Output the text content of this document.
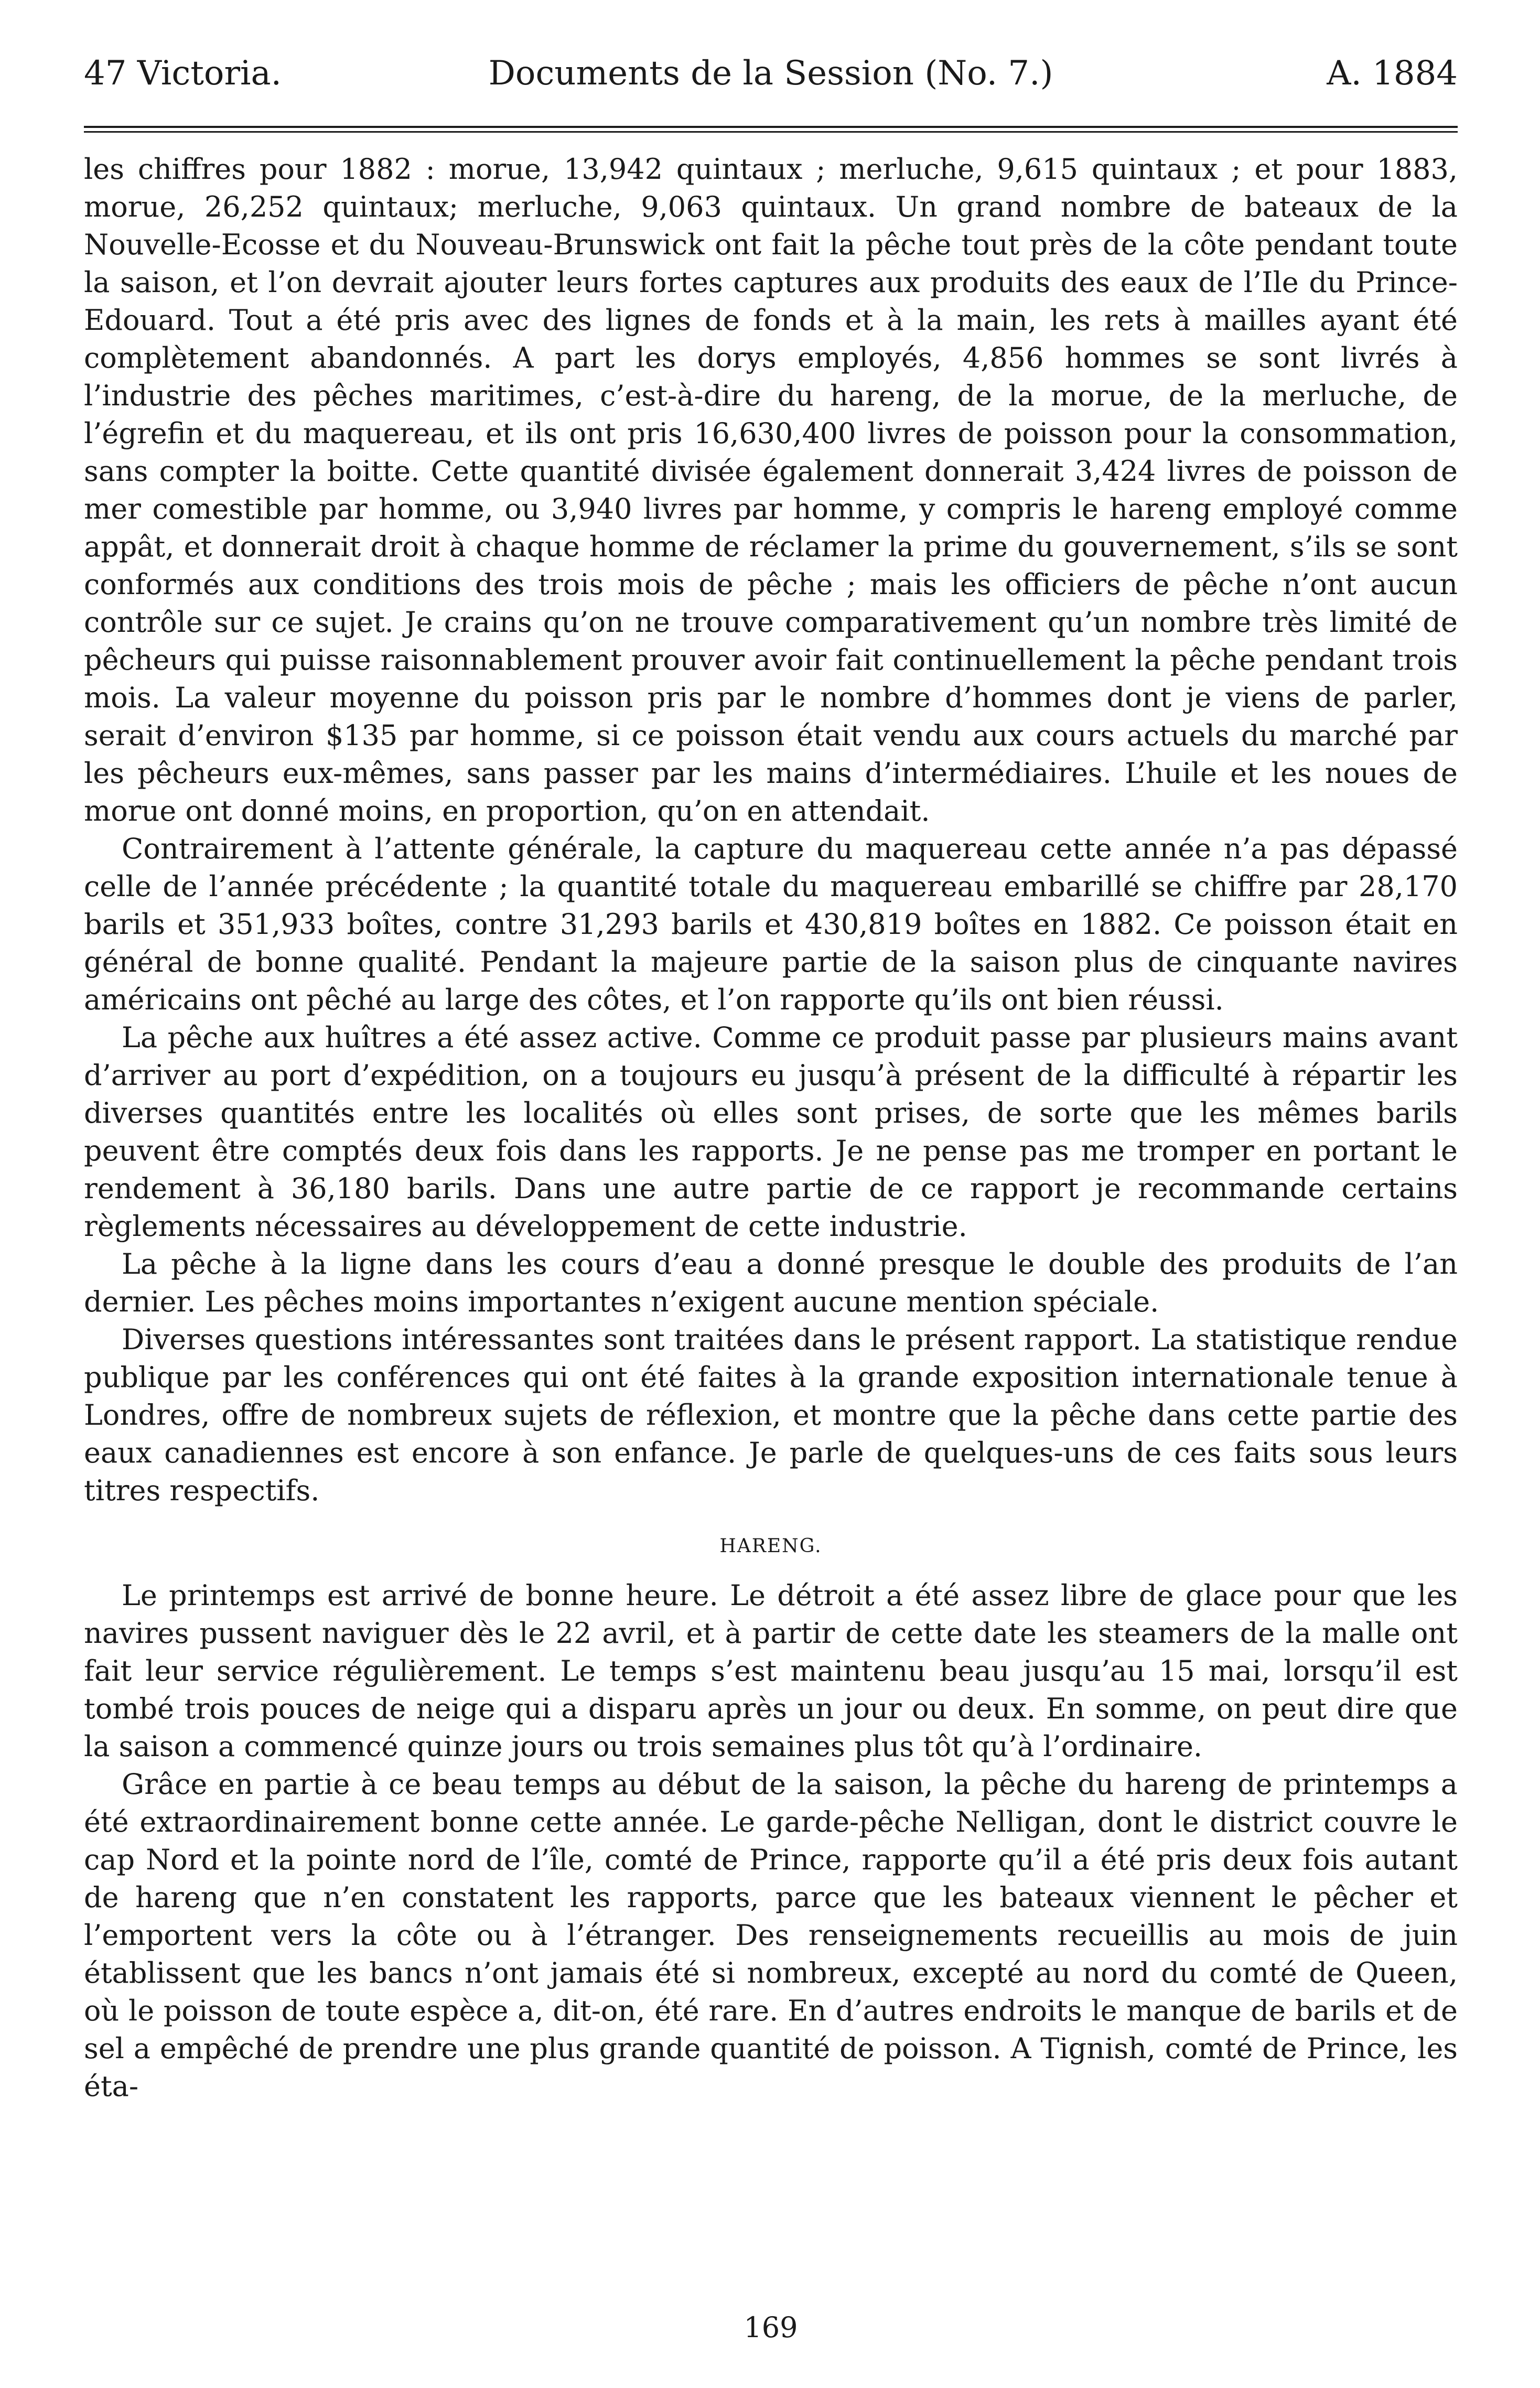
47 Victoria.	Documents de la Session (No. 7.)	A. 1884

les chiffres pour 1882 : morue, 13,942 quintaux ; merluche, 9,615 quintaux ; et pour 1883, morue, 26,252 quintaux; merluche, 9,063 quintaux. Un grand nombre de bateaux de la Nouvelle-Ecosse et du Nouveau-Brunswick ont fait la pêche tout près de la côte pendant toute la saison, et l’on devrait ajouter leurs fortes captures aux produits des eaux de l’Ile du Prince-Edouard. Tout a été pris avec des lignes de fonds et à la main, les rets à mailles ayant été complètement abandonnés. A part les dorys employés, 4,856 hommes se sont livrés à l’industrie des pêches maritimes, c’est-à-dire du hareng, de la morue, de la merluche, de l’égrefin et du maquereau, et ils ont pris 16,630,400 livres de poisson pour la consommation, sans compter la boitte. Cette quantité divisée également donnerait 3,424 livres de poisson de mer comestible par homme, ou 3,940 livres par homme, y compris le hareng employé comme appât, et donnerait droit à chaque homme de réclamer la prime du gouvernement, s’ils se sont conformés aux conditions des trois mois de pêche ; mais les officiers de pêche n’ont aucun contrôle sur ce sujet. Je crains qu’on ne trouve comparativement qu’un nombre très limité de pêcheurs qui puisse raisonnablement prouver avoir fait continuellement la pêche pendant trois mois. La valeur moyenne du poisson pris par le nombre d’hommes dont je viens de parler, serait d’environ $135 par homme, si ce poisson était vendu aux cours actuels du marché par les pêcheurs eux-mêmes, sans passer par les mains d’intermédiaires. L’huile et les noues de morue ont donné moins, en proportion, qu’on en attendait.

Contrairement à l’attente générale, la capture du maquereau cette année n’a pas dépassé celle de l’année précédente ; la quantité totale du maquereau embarillé se chiffre par 28,170 barils et 351,933 boîtes, contre 31,293 barils et 430,819 boîtes en 1882. Ce poisson était en général de bonne qualité. Pendant la majeure partie de la saison plus de cinquante navires américains ont pêché au large des côtes, et l’on rapporte qu’ils ont bien réussi.

La pêche aux huîtres a été assez active. Comme ce produit passe par plusieurs mains avant d’arriver au port d’expédition, on a toujours eu jusqu’à présent de la difficulté à répartir les diverses quantités entre les localités où elles sont prises, de sorte que les mêmes barils peuvent être comptés deux fois dans les rapports. Je ne pense pas me tromper en portant le rendement à 36,180 barils. Dans une autre partie de ce rapport je recommande certains règlements nécessaires au développement de cette industrie.

La pêche à la ligne dans les cours d’eau a donné presque le double des produits de l’an dernier. Les pêches moins importantes n’exigent aucune mention spéciale.

Diverses questions intéressantes sont traitées dans le présent rapport. La statistique rendue publique par les conférences qui ont été faites à la grande exposition internationale tenue à Londres, offre de nombreux sujets de réflexion, et montre que la pêche dans cette partie des eaux canadiennes est encore à son enfance. Je parle de quelques-uns de ces faits sous leurs titres respectifs.

HARENG.

Le printemps est arrivé de bonne heure. Le détroit a été assez libre de glace pour que les navires pussent naviguer dès le 22 avril, et à partir de cette date les steamers de la malle ont fait leur service régulièrement. Le temps s’est maintenu beau jusqu’au 15 mai, lorsqu’il est tombé trois pouces de neige qui a disparu après un jour ou deux. En somme, on peut dire que la saison a commencé quinze jours ou trois semaines plus tôt qu’à l’ordinaire.

Grâce en partie à ce beau temps au début de la saison, la pêche du hareng de printemps a été extraordinairement bonne cette année. Le garde-pêche Nelligan, dont le district couvre le cap Nord et la pointe nord de l’île, comté de Prince, rapporte qu’il a été pris deux fois autant de hareng que n’en constatent les rapports, parce que les bateaux viennent le pêcher et l’emportent vers la côte ou à l’étranger. Des renseignements recueillis au mois de juin établissent que les bancs n’ont jamais été si nombreux, excepté au nord du comté de Queen, où le poisson de toute espèce a, dit-on, été rare. En d’autres endroits le manque de barils et de sel a empêché de prendre une plus grande quantité de poisson. A Tignish, comté de Prince, les éta-

169
